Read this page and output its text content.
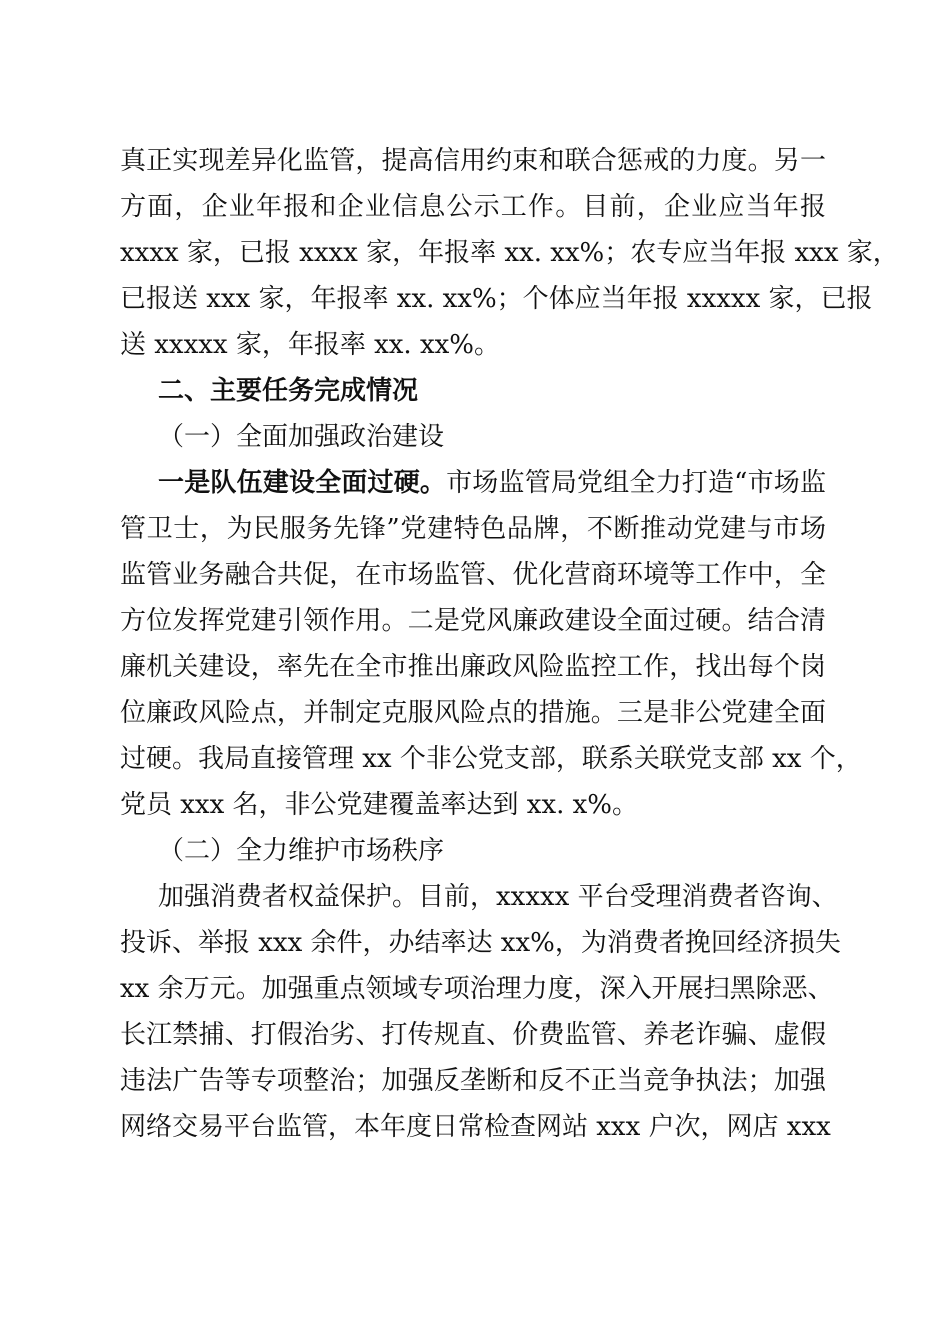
真正实现差异化监管，提高信用约束和联合惩戒的力度。另一
方面，企业年报和企业信息公示工作。目前，企业应当年报
xxxx 家，已报 xxxx 家，年报率 xx. xx%；农专应当年报 xxx 家，
已报送 xxx 家，年报率 xx. xx%；个体应当年报 xxxxx 家，已报
送 xxxxx 家，年报率 xx. xx%。
二、主要任务完成情况
（一）全面加强政治建设
一是队伍建设全面过硬。市场监管局党组全力打造“市场监
管卫士，为民服务先锋”党建特色品牌，不断推动党建与市场
监管业务融合共促，在市场监管、优化营商环境等工作中，全
方位发挥党建引领作用。二是党风廉政建设全面过硬。结合清
廉机关建设，率先在全市推出廉政风险监控工作，找出每个岗
位廉政风险点，并制定克服风险点的措施。三是非公党建全面
过硬。我局直接管理 xx 个非公党支部，联系关联党支部 xx 个，
党员 xxx 名，非公党建覆盖率达到 xx. x%。
（二）全力维护市场秩序
加强消费者权益保护。目前，xxxxx 平台受理消费者咨询、
投诉、举报 xxx 余件，办结率达 xx%，为消费者挽回经济损失
xx 余万元。加强重点领域专项治理力度，深入开展扫黑除恶、
长江禁捕、打假治劣、打传规直、价费监管、养老诈骗、虚假
违法广告等专项整治；加强反垄断和反不正当竞争执法；加强
网络交易平台监管，本年度日常检查网站 xxx 户次，网店 xxx
